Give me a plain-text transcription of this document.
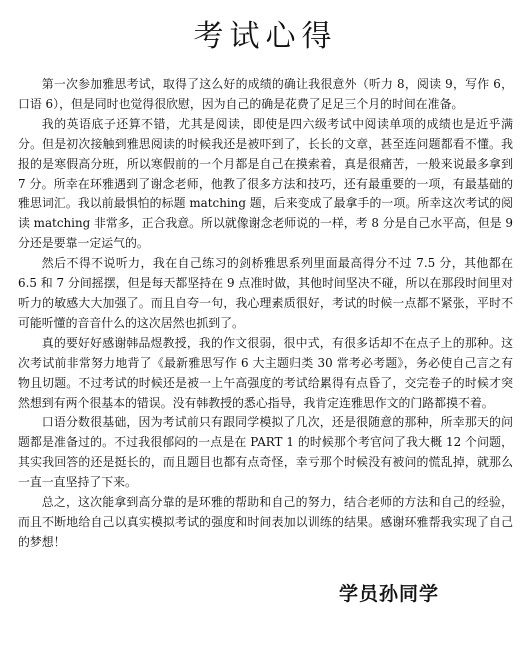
考试心得

第一次参加雅思考试，取得了这么好的成绩的确让我很意外（听力 8，阅读 9，写作 6，口语 6），但是同时也觉得很欣慰，因为自己的确是花费了足足三个月的时间在准备。

我的英语底子还算不错，尤其是阅读，即使是四六级考试中阅读单项的成绩也是近乎满分。但是初次接触到雅思阅读的时候我还是被吓到了，长长的文章，甚至连问题都看不懂。我报的是寒假高分班，所以寒假前的一个月都是自己在摸索着，真是很痛苦，一般来说最多拿到 7 分。所幸在环雅遇到了谢念老师，他教了很多方法和技巧，还有最重要的一项，有最基础的雅思词汇。我以前最惧怕的标题 matching 题，后来变成了最拿手的一项。所幸这次考试的阅读 matching 非常多，正合我意。所以就像谢念老师说的一样，考 8 分是自己水平高，但是 9 分还是要靠一定运气的。

然后不得不说听力，我在自己练习的剑桥雅思系列里面最高得分不过 7.5 分，其他都在 6.5 和 7 分间摇摆，但是每天都坚持在 9 点准时做，其他时间坚决不碰，所以在那段时间里对听力的敏感大大加强了。而且自夸一句，我心理素质很好，考试的时候一点都不紧张，平时不可能听懂的音音什么的这次居然也抓到了。

真的要好好感谢韩品煜教授，我的作文很弱，很中式，有很多话却不在点子上的那种。这次考试前非常努力地背了《最新雅思写作 6 大主题归类 30 常考必考题》，务必使自己言之有物且切题。不过考试的时候还是被一上午高强度的考试给累得有点昏了，交完卷子的时候才突然想到有两个很基本的错误。没有韩教授的悉心指导，我肯定连雅思作文的门路都摸不着。

口语分数很基础，因为考试前只有跟同学模拟了几次，还是很随意的那种，所幸那天的问题都是准备过的。不过我很郁闷的一点是在 PART 1 的时候那个考官问了我大概 12 个问题，其实我回答的还是挺长的，而且题目也都有点奇怪，幸亏那个时候没有被问的慌乱掉，就那么一直一直坚持了下来。

总之，这次能拿到高分靠的是环雅的帮助和自己的努力，结合老师的方法和自己的经验，而且不断地给自己以真实模拟考试的强度和时间表加以训练的结果。感谢环雅帮我实现了自己的梦想！

学员孙同学
